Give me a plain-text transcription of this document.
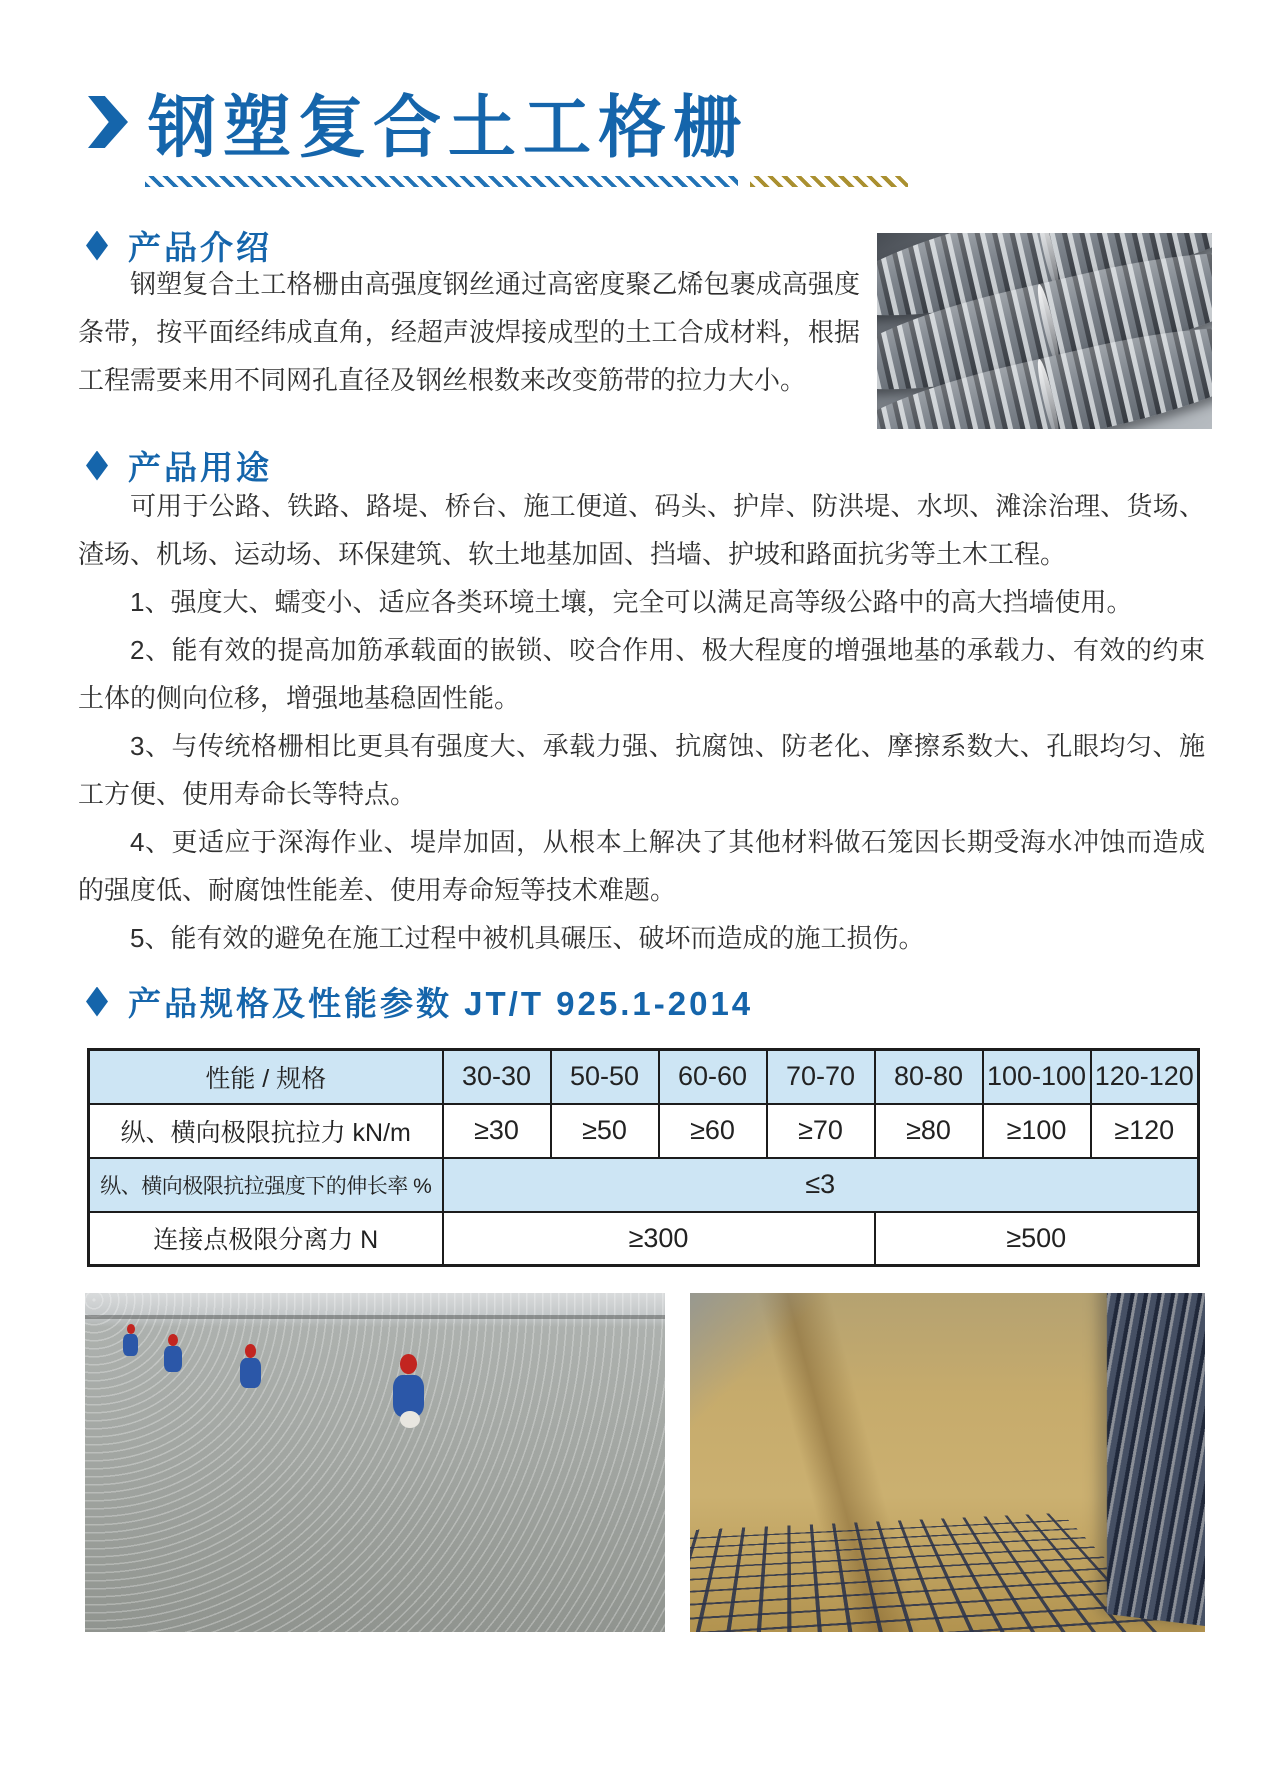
钢塑复合土工格栅
产品介绍

钢塑复合土工格栅由高强度钢丝通过高密度聚乙烯包裹成高强度条带，按平面经纬成直角，经超声波焊接成型的土工合成材料，根据工程需要来用不同网孔直径及钢丝根数来改变筋带的拉力大小。

产品用途

可用于公路、铁路、路堤、桥台、施工便道、码头、护岸、防洪堤、水坝、滩涂治理、货场、渣场、机场、运动场、环保建筑、软土地基加固、挡墙、护坡和路面抗劣等土木工程。

1、强度大、蠕变小、适应各类环境土壤，完全可以满足高等级公路中的高大挡墙使用。

2、能有效的提高加筋承载面的嵌锁、咬合作用、极大程度的增强地基的承载力、有效的约束土体的侧向位移，增强地基稳固性能。

3、与传统格栅相比更具有强度大、承载力强、抗腐蚀、防老化、摩擦系数大、孔眼均匀、施工方便、使用寿命长等特点。

4、更适应于深海作业、堤岸加固，从根本上解决了其他材料做石笼因长期受海水冲蚀而造成的强度低、耐腐蚀性能差、使用寿命短等技术难题。

5、能有效的避免在施工过程中被机具碾压、破坏而造成的施工损伤。

产品规格及性能参数 JT/T 925.1-2014
性能 / 规格	30-30	50-50	60-60	70-70	80-80	100-100	120-120
纵、横向极限抗拉力 kN/m	≥30	≥50	≥60	≥70	≥80	≥100	≥120
纵、横向极限抗拉强度下的伸长率 %	≤3						
连接点极限分离力 N	≥300				≥500		
